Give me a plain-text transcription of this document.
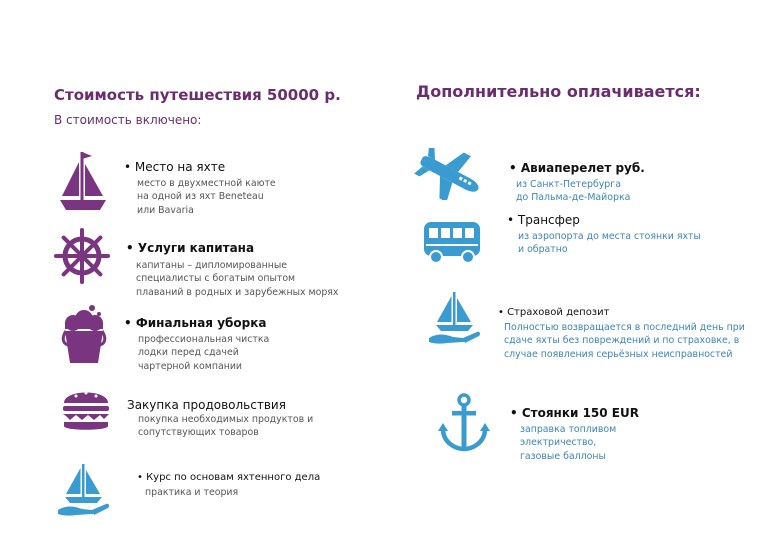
Стоимость путешествия 50000 р.	Дополнительно оплачивается:
В стоимость включено:
• Место на яхте
место в двухместной каюте
на одной из яхт Beneteau
или Bavaria
• Услуги капитана
капитаны – дипломированные
специалисты с богатым опытом
плаваний в родных и зарубежных морях
• Финальная уборка
профессиональная чистка
лодки перед сдачей
чартерной компании
Закупка продовольствия
покупка необходимых продуктов и
сопутствующих товаров
• Курс по основам яхтенного дела
практика и теория
• Авиаперелет руб.
из Санкт-Петербурга
до Пальма-де-Майорка
• Трансфер
из аэропорта до места стоянки яхты
и обратно
• Страховой депозит
Полностью возвращается в последний день при
сдаче яхты без повреждений и по страховке, в
случае появления серьёзных неисправностей
• Стоянки 150 EUR
заправка топливом
электричество,
газовые баллоны
